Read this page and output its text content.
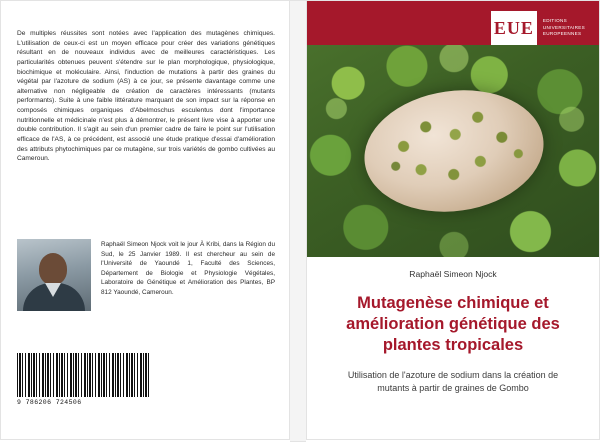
De multiples réussites sont notées avec l'application des mutagènes chimiques. L'utilisation de ceux-ci est un moyen efficace pour créer des variations génétiques résultant en de nouveaux individus avec de meilleures caractéristiques. Les particularités obtenues peuvent s'étendre sur le plan morphologique, physiologique, biochimique et moléculaire. Ainsi, l'induction de mutations à partir des graines du végétal par l'azoture de sodium (AS) à ce jour, se présente davantage comme une alternative non négligeable de création de caractères intéressants (mutants performants). Suite à une faible littérature marquant de son impact sur la réponse en composés chimiques organiques d'Abelmoschus esculentus dont l'importance nutritionnelle et médicinale n'est plus à démontrer, le présent livre vise à apporter une double contribution. Il s'agit au sein d'un premier cadre de faire le point sur l'utilisation efficace de l'AS, à ce précédent, est associé une étude pratique d'essai d'amélioration des attributs phytochimiques par ce mutagène, sur trois variétés de gombo cultivées au Cameroun.
Raphaël Simeon Njock voit le jour À Kribi, dans la Région du Sud, le 25 Janvier 1989. Il est chercheur au sein de l'Université de Yaoundé 1, Faculté des Sciences, Département de Biologie et Physiologie Végétales, Laboratoire de Génétique et Amélioration des Plantes, BP 812 Yaoundé, Cameroun.
9 786206 724506
EUE	EDITIONS
UNIVERSITAIRES
EUROPEENNES
Raphaël Simeon Njock
Mutagenèse chimique et amélioration génétique des plantes tropicales
Utilisation de l'azoture de sodium dans la création de mutants à partir de graines de Gombo
